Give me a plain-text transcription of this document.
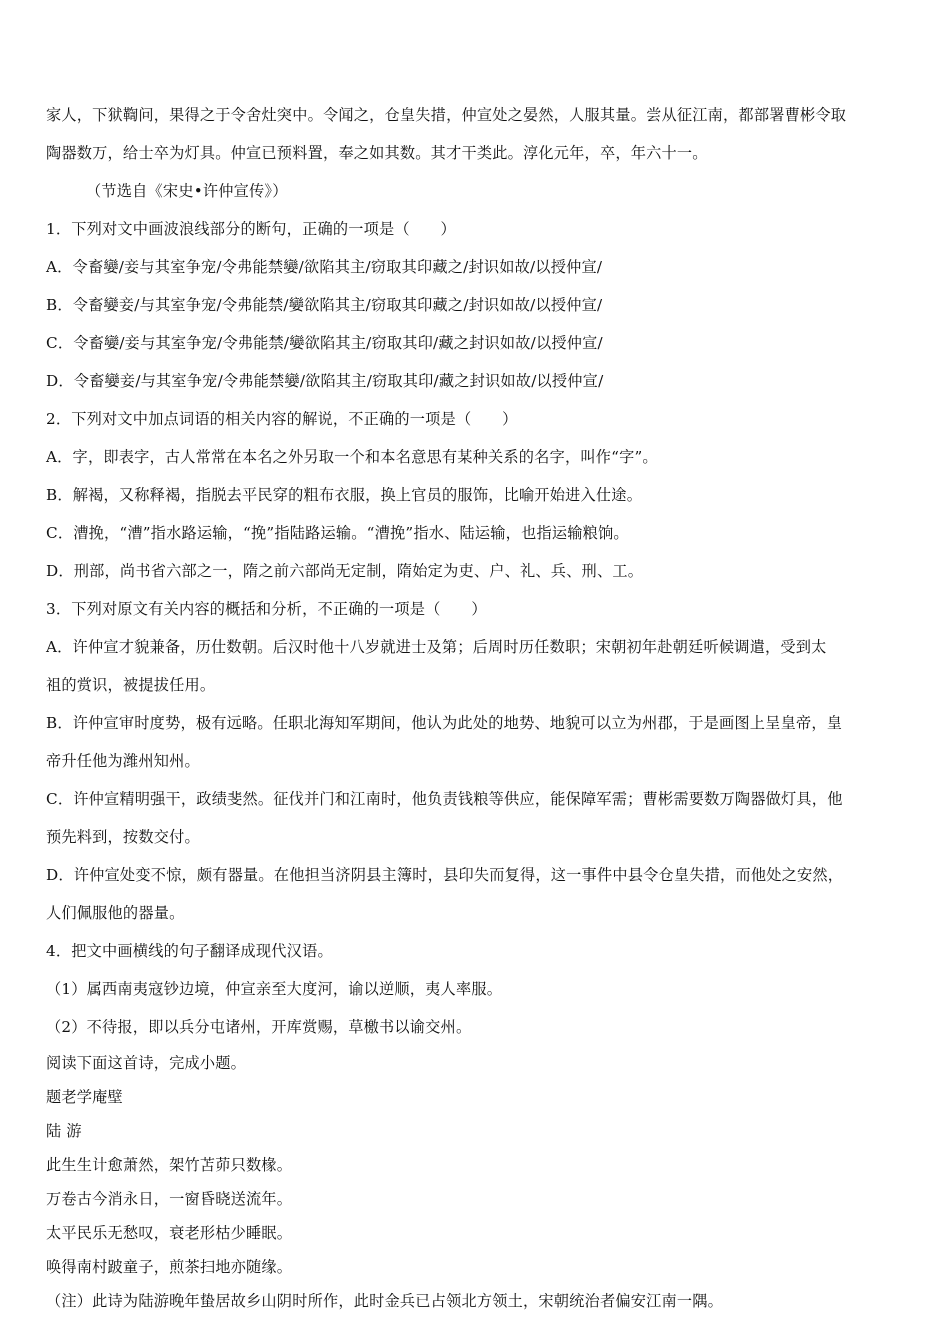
家人，下狱鞫问，果得之于令舍灶突中。令闻之，仓皇失措，仲宣处之晏然，人服其量。尝从征江南，都部署曹彬令取
陶器数万，给士卒为灯具。仲宣已预料置，奉之如其数。其才干类此。淳化元年，卒，年六十一。
（节选自《宋史•许仲宣传》）
1．下列对文中画波浪线部分的断句，正确的一项是（　　）
A．令畜孌/妾与其室争宠/令弗能禁孌/欲陷其主/窃取其印藏之/封识如故/以授仲宣/
B．令畜孌妾/与其室争宠/令弗能禁/孌欲陷其主/窃取其印藏之/封识如故/以授仲宣/
C．令畜孌/妾与其室争宠/令弗能禁/孌欲陷其主/窃取其印/藏之封识如故/以授仲宣/
D．令畜孌妾/与其室争宠/令弗能禁孌/欲陷其主/窃取其印/藏之封识如故/以授仲宣/
2．下列对文中加点词语的相关内容的解说，不正确的一项是（　　）
A．字，即表字，古人常常在本名之外另取一个和本名意思有某种关系的名字，叫作“字”。
B．解褐，又称释褐，指脱去平民穿的粗布衣服，换上官员的服饰，比喻开始进入仕途。
C．漕挽，“漕”指水路运输，“挽”指陆路运输。“漕挽”指水、陆运输，也指运输粮饷。
D．刑部，尚书省六部之一，隋之前六部尚无定制，隋始定为吏、户、礼、兵、刑、工。
3．下列对原文有关内容的概括和分析，不正确的一项是（　　）
A．许仲宣才貌兼备，历仕数朝。后汉时他十八岁就进士及第；后周时历任数职；宋朝初年赴朝廷听候调遣，受到太
祖的赏识，被提拔任用。
B．许仲宣审时度势，极有远略。任职北海知军期间，他认为此处的地势、地貌可以立为州郡，于是画图上呈皇帝，皇
帝升任他为潍州知州。
C．许仲宣精明强干，政绩斐然。征伐并门和江南时，他负责钱粮等供应，能保障军需；曹彬需要数万陶器做灯具，他
预先料到，按数交付。
D．许仲宣处变不惊，颇有器量。在他担当济阴县主簿时，县印失而复得，这一事件中县令仓皇失措，而他处之安然，
人们佩服他的器量。
4．把文中画横线的句子翻译成现代汉语。
（1）属西南夷寇钞边境，仲宣亲至大度河，谕以逆顺，夷人率服。
（2）不待报，即以兵分屯诸州，开库赏赐，草檄书以谕交州。
阅读下面这首诗，完成小题。
题老学庵壁
陆 游
此生生计愈萧然，架竹苫茆只数椽。
万卷古今消永日，一窗昏晓送流年。
太平民乐无愁叹，衰老形枯少睡眠。
唤得南村跛童子，煎茶扫地亦随缘。
（注）此诗为陆游晚年蛰居故乡山阴时所作，此时金兵已占领北方领土，宋朝统治者偏安江南一隅。
